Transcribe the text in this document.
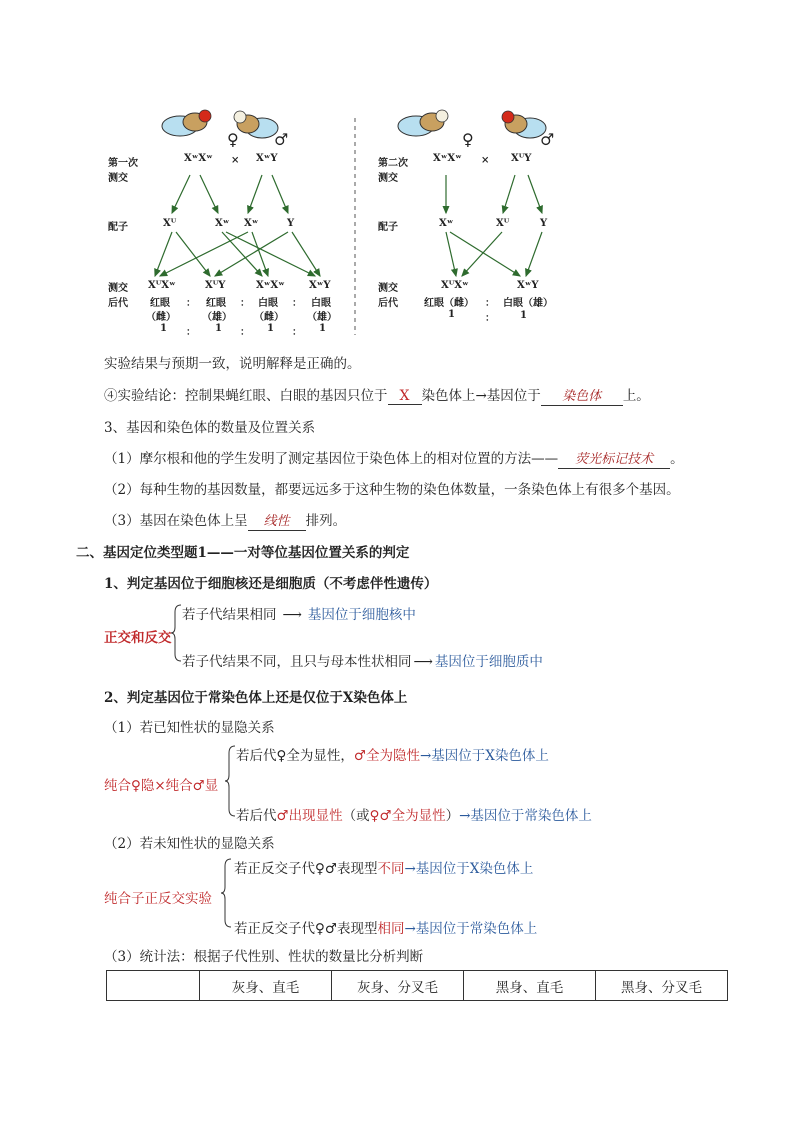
♀ ♂	♀	♂
第一次
测交
XʷXʷ × XʷY
配子	Xᵂ	Xʷ Xʷ	Y
测交
后代
XᵂXʷ	XᵂY	XʷXʷ XʷY
红眼 ： 红眼 ： 白眼 ： 白眼
（雌）	（雄） （雌） （雄）
1 ： 1 ： 1 ： 1
第二次
测交
XʷXʷ × XᵂY
配子	Xʷ	Xᵂ	Y
测交
后代
XᵂXʷ	XʷY
红眼（雌） ： 白眼（雄）
1	：	1
实验结果与预期一致，说明解释是正确的。
④实验结论：控制果蝇红眼、白眼的基因只位于 X 染色体上→基因位于 染色体 上。
3、基因和染色体的数量及位置关系
（1）摩尔根和他的学生发明了测定基因位于染色体上的相对位置的方法—— 荧光标记技术 。
（2）每种生物的基因数量，都要远远多于这种生物的染色体数量，一条染色体上有很多个基因。
（3）基因在染色体上呈 线性 排列。
二、基因定位类型题1——一对等位基因位置关系的判定
1、判定基因位于细胞核还是细胞质（不考虑伴性遗传）
正交和反交
若子代结果相同 ⟶ 基因位于细胞核中
若子代结果不同，且只与母本性状相同 ⟶ 基因位于细胞质中
2、判定基因位于常染色体上还是仅位于X染色体上
（1）若已知性状的显隐关系
纯合♀隐×纯合♂显
若后代♀全为显性，♂全为隐性→基因位于X染色体上
若后代♂出现显性（或♀♂全为显性）→基因位于常染色体上
（2）若未知性状的显隐关系
纯合子正反交实验
若正反交子代♀♂表现型不同→基因位于X染色体上
若正反交子代♀♂表现型相同→基因位于常染色体上
（3）统计法：根据子代性别、性状的数量比分析判断
	灰身、直毛	灰身、分叉毛	黑身、直毛	黑身、分叉毛
